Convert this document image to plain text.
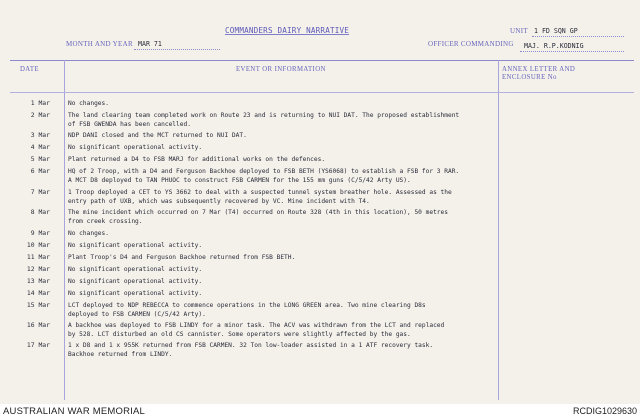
COMMANDERS DAIRY NARRATIVE	UNIT 1 FD SQN GP
MONTH AND YEAR MAR 71	OFFICER COMMANDING MAJ. R.P.KODNIG
DATE	EVENT OR INFORMATION	ANNEX LETTER AND
ENCLOSURE No
1 Mar	No changes.
2 Mar	The land clearing team completed work on Route 23 and is returning to NUI DAT. The proposed establishment
of FSB GWENDA has been cancelled.
3 Mar	NDP DANI closed and the MCT returned to NUI DAT.
4 Mar	No significant operational activity.
5 Mar	Plant returned a D4 to FSB MARJ for additional works on the defences.
6 Mar	HQ of 2 Troop, with a D4 and Ferguson Backhoe deployed to FSB BETH (YS6068) to establish a FSB for 3 RAR.
A MCT D8 deployed to TAN PHUOC to construct FSB CARMEN for the 155 mm guns (C/5/42 Arty US).
7 Mar	1 Troop deployed a CET to YS 3662 to deal with a suspected tunnel system breather hole. Assessed as the
entry path of UXB, which was subsequently recovered by VC. Mine incident with T4.
8 Mar	The mine incident which occurred on 7 Mar (T4) occurred on Route 328 (4th in this location), 50 metres
from creek crossing.
9 Mar	No changes.
10 Mar	No significant operational activity.
11 Mar	Plant Troop's D4 and Ferguson Backhoe returned from FSB BETH.
12 Mar	No significant operational activity.
13 Mar	No significant operational activity.
14 Mar	No significant operational activity.
15 Mar	LCT deployed to NDP REBECCA to commence operations in the LONG GREEN area. Two mine clearing D8s
deployed to FSB CARMEN (C/5/42 Arty).
16 Mar	A backhoe was deployed to FSB LINDY for a minor task. The ACV was withdrawn from the LCT and replaced
by 528. LCT disturbed an old CS cannister. Some operators were slightly affected by the gas.
17 Mar	1 x D8 and 1 x 955K returned from FSB CARMEN. 32 Ton low-loader assisted in a 1 ATF recovery task.
Backhoe returned from LINDY.
AUSTRALIAN WAR MEMORIAL	RCDIG1029630
